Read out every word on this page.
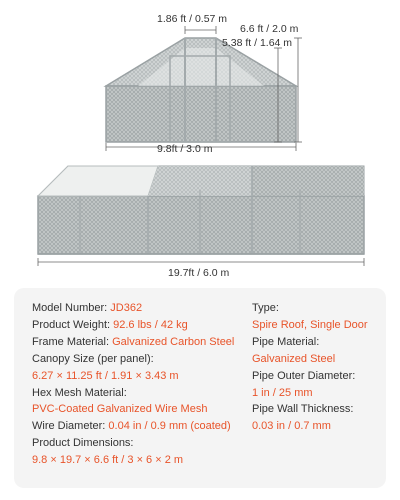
1.86 ft / 0.57 m
6.6 ft / 2.0 m
5.38 ft / 1.64 m
9.8ft / 3.0 m
19.7ft / 6.0 m
Model Number: JD362
Product Weight: 92.6 lbs / 42 kg
Frame Material: Galvanized Carbon Steel
Canopy Size (per panel):
6.27 × 11.25 ft / 1.91 × 3.43 m
Hex Mesh Material:
PVC-Coated Galvanized Wire Mesh
Wire Diameter: 0.04 in / 0.9 mm (coated)
Product Dimensions:
9.8 × 19.7 × 6.6 ft / 3 × 6 × 2 m
Type:
Spire Roof, Single Door
Pipe Material:
Galvanized Steel
Pipe Outer Diameter:
1 in / 25 mm
Pipe Wall Thickness:
0.03 in / 0.7 mm
